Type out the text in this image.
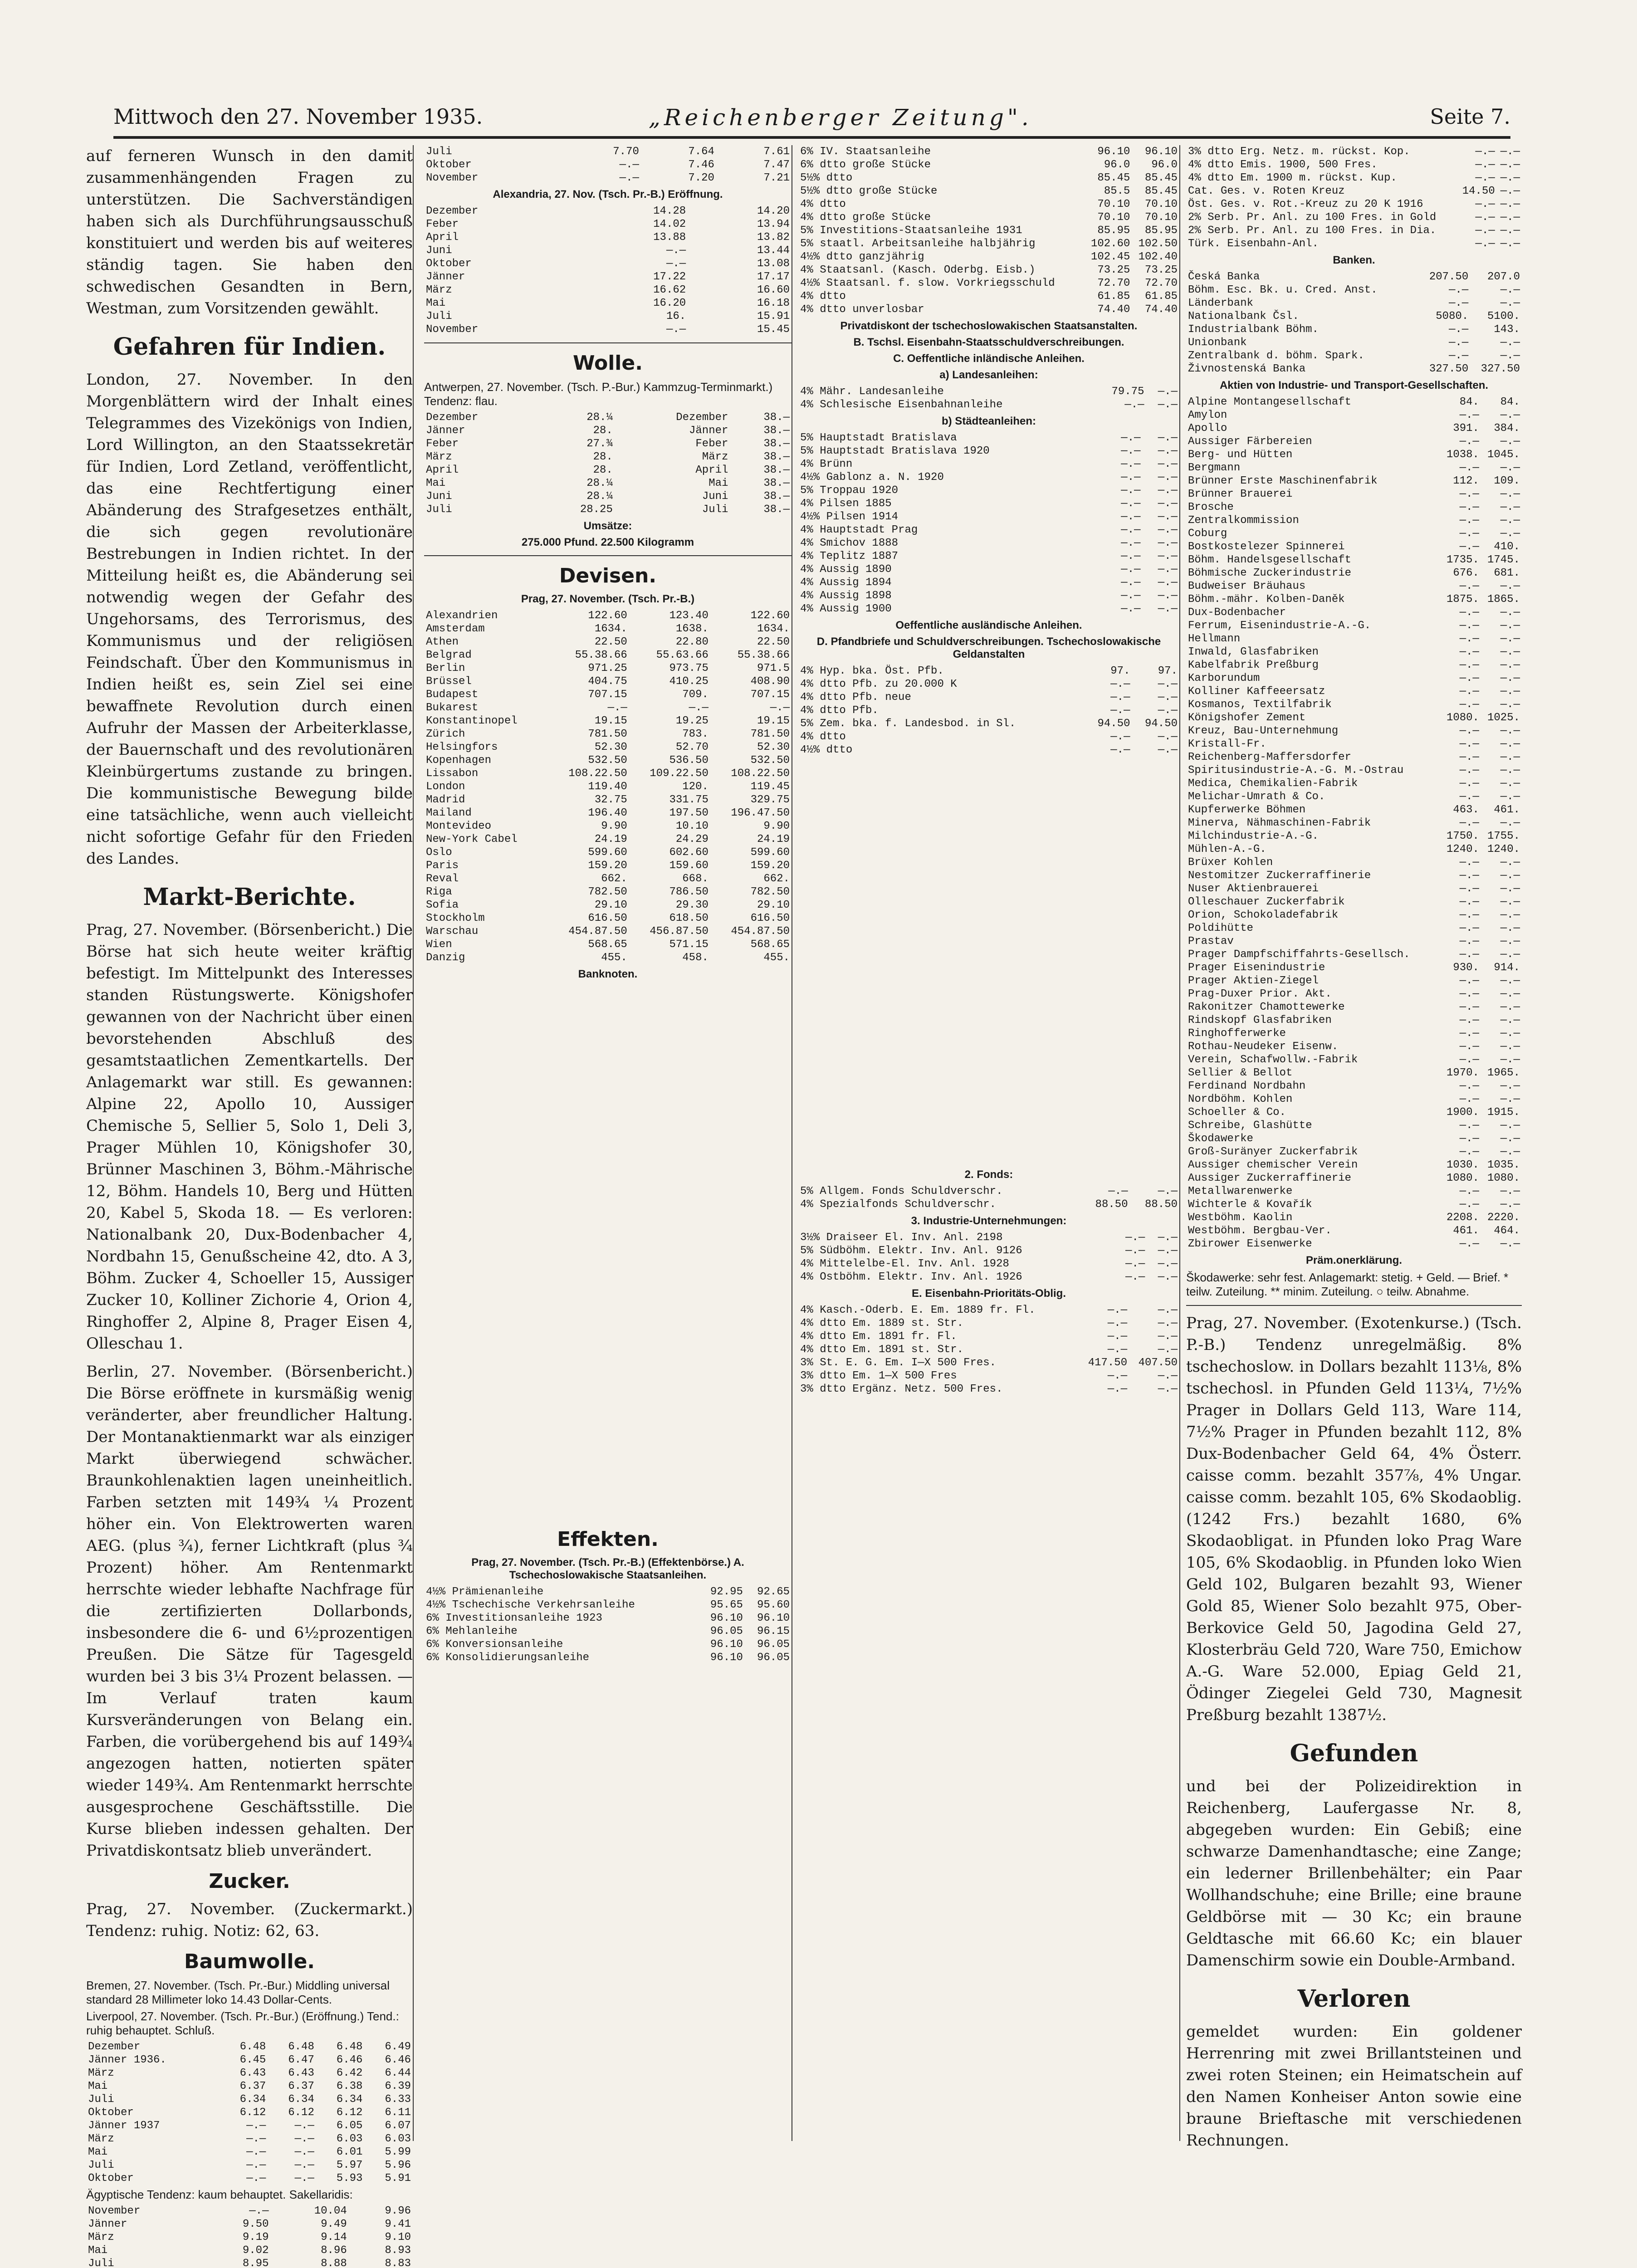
Mittwoch den 27. November 1935.	„Reichenberger Zeitung".	Seite 7.

auf ferneren Wunsch in den damit zusammenhängenden Fragen zu unterstützen. Die Sachverständigen haben sich als Durchführungsausschuß konstituiert und werden bis auf weiteres ständig tagen. Sie haben den schwedischen Gesandten in Bern, Westman, zum Vorsitzenden gewählt.

Gefahren für Indien.

London, 27. November. In den Morgenblättern wird der Inhalt eines Telegrammes des Vizekönigs von Indien, Lord Willington, an den Staatssekretär für Indien, Lord Zetland, veröffentlicht, das eine Rechtfertigung einer Abänderung des Strafgesetzes enthält, die sich gegen revolutionäre Bestrebungen in Indien richtet. In der Mitteilung heißt es, die Abänderung sei notwendig wegen der Gefahr des Ungehorsams, des Terrorismus, des Kommunismus und der religiösen Feindschaft. Über den Kommunismus in Indien heißt es, sein Ziel sei eine bewaffnete Revolution durch einen Aufruhr der Massen der Arbeiterklasse, der Bauernschaft und des revolutionären Kleinbürgertums zustande zu bringen. Die kommunistische Bewegung bilde eine tatsächliche, wenn auch vielleicht nicht sofortige Gefahr für den Frieden des Landes.

Markt-Berichte.

Prag, 27. November. (Börsenbericht.) Die Börse hat sich heute weiter kräftig befestigt. Im Mittelpunkt des Interesses standen Rüstungswerte. Königshofer gewannen von der Nachricht über einen bevorstehenden Abschluß des gesamtstaatlichen Zementkartells. Der Anlagemarkt war still. Es gewannen: Alpine 22, Apollo 10, Aussiger Chemische 5, Sellier 5, Solo 1, Deli 3, Prager Mühlen 10, Königshofer 30, Brünner Maschinen 3, Böhm.-Mährische 12, Böhm. Handels 10, Berg und Hütten 20, Kabel 5, Skoda 18. — Es verloren: Nationalbank 20, Dux-Bodenbacher 4, Nordbahn 15, Genußscheine 42, dto. A 3, Böhm. Zucker 4, Schoeller 15, Aussiger Zucker 10, Kolliner Zichorie 4, Orion 4, Ringhoffer 2, Alpine 8, Prager Eisen 4, Olleschau 1.

Berlin, 27. November. (Börsenbericht.) Die Börse eröffnete in kursmäßig wenig veränderter, aber freundlicher Haltung. Der Montanaktienmarkt war als einziger Markt überwiegend schwächer. Braunkohlenaktien lagen uneinheitlich. Farben setzten mit 149¾ ¼ Prozent höher ein. Von Elektrowerten waren AEG. (plus ¾), ferner Lichtkraft (plus ¾ Prozent) höher. Am Rentenmarkt herrschte wieder lebhafte Nachfrage für die zertifizierten Dollarbonds, insbesondere die 6- und 6½prozentigen Preußen. Die Sätze für Tagesgeld wurden bei 3 bis 3¼ Prozent belassen. — Im Verlauf traten kaum Kursveränderungen von Belang ein. Farben, die vorübergehend bis auf 149¾ angezogen hatten, notierten später wieder 149¾. Am Rentenmarkt herrschte ausgesprochene Geschäftsstille. Die Kurse blieben indessen gehalten. Der Privatdiskontsatz blieb unverändert.

Zucker.

Prag, 27. November. (Zuckermarkt.) Tendenz: ruhig. Notiz: 62, 63.

Baumwolle.
Bremen, 27. November. (Tsch. Pr.-Bur.) Middling universal standard 28 Millimeter loko 14.43 Dollar-Cents.
Liverpool, 27. November. (Tsch. Pr.-Bur.) (Eröffnung.) Tend.: ruhig behauptet. Schluß.
Dezember	6.48	6.48	6.48	6.49
Jänner 1936.	6.45	6.47	6.46	6.46
März	6.43	6.43	6.42	6.44
Mai	6.37	6.37	6.38	6.39
Juli	6.34	6.34	6.34	6.33
Oktober	6.12	6.12	6.12	6.11
Jänner 1937	—.—	—.—	6.05	6.07
März	—.—	—.—	6.03	6.03
Mai	—.—	—.—	6.01	5.99
Juli	—.—	—.—	5.97	5.96
Oktober	—.—	—.—	5.93	5.91
Ägyptische Tendenz: kaum behauptet. Sakellaridis:
November	—.—	10.04	9.96
Jänner	9.50	9.49	9.41
März	9.19	9.14	9.10
Mai	9.02	8.96	8.93
Juli	8.95	8.88	8.83

Juli	7.70	7.64	7.61
Oktober	—.—	7.46	7.47
November	—.—	7.20	7.21
Alexandria, 27. Nov. (Tsch. Pr.-B.) Eröffnung.
Dezember	14.28	14.20
Feber	14.02	13.94
April	13.88	13.82
Juni	—.—	13.44
Oktober	—.—	13.08
Jänner	17.22	17.17
März	16.62	16.60
Mai	16.20	16.18
Juli	16.	15.91
November	—.—	15.45
Wolle.
Antwerpen, 27. November. (Tsch. P.-Bur.) Kammzug-Terminmarkt.) Tendenz: flau.
Dezember	28.¼	Dezember	38.—
Jänner	28.	Jänner	38.—
Feber	27.¾	Feber	38.—
März	28.	März	38.—
April	28.	April	38.—
Mai	28.¼	Mai	38.—
Juni	28.¼	Juni	38.—
Juli	28.25	Juli	38.—
Umsätze:
275.000 Pfund. 22.500 Kilogramm
Devisen.
Prag, 27. November. (Tsch. Pr.-B.)
Alexandrien	122.60	123.40	122.60
Amsterdam	1634.	1638.	1634.
Athen	22.50	22.80	22.50
Belgrad	55.38.66	55.63.66	55.38.66
Berlin	971.25	973.75	971.5
Brüssel	404.75	410.25	408.90
Budapest	707.15	709.	707.15
Bukarest	—.—	—.—	—.—
Konstantinopel	19.15	19.25	19.15
Zürich	781.50	783.	781.50
Helsingfors	52.30	52.70	52.30
Kopenhagen	532.50	536.50	532.50
Lissabon	108.22.50	109.22.50	108.22.50
London	119.40	120.	119.45
Madrid	32.75	331.75	329.75
Mailand	196.40	197.50	196.47.50
Montevideo	9.90	10.10	9.90
New-York Cabel	24.19	24.29	24.19
Oslo	599.60	602.60	599.60
Paris	159.20	159.60	159.20
Reval	662.	668.	662.
Riga	782.50	786.50	782.50
Sofia	29.10	29.30	29.10
Stockholm	616.50	618.50	616.50
Warschau	454.87.50	456.87.50	454.87.50
Wien	568.65	571.15	568.65
Danzig	455.	458.	455.
Banknoten.
Effekten.
Prag, 27. November. (Tsch. Pr.-B.) (Effektenbörse.) A. Tschechoslowakische Staatsanleihen.
4½% Prämienanleihe	92.95	92.65
4½% Tschechische Verkehrsanleihe	95.65	95.60
6% Investitionsanleihe 1923	96.10	96.10
6% Mehlanleihe	96.05	96.15
6% Konversionsanleihe	96.10	96.05
6% Konsolidierungsanleihe	96.10	96.05
6% IV. Staatsanleihe	96.10	96.10
6% dtto große Stücke	96.0	96.0
5½% dtto	85.45	85.45
5½% dtto große Stücke	85.5	85.45
4% dtto	70.10	70.10
4% dtto große Stücke	70.10	70.10
5% Investitions-Staatsanleihe 1931	85.95	85.95
5% staatl. Arbeitsanleihe halbjährig	102.60	102.50
4½% dtto ganzjährig	102.45	102.40
4% Staatsanl. (Kasch. Oderbg. Eisb.)	73.25	73.25
4½% Staatsanl. f. slow. Vorkriegsschuld	72.70	72.70
4% dtto	61.85	61.85
4% dtto unverlosbar	74.40	74.40
Privatdiskont der tschechoslowakischen Staatsanstalten.
B. Tschsl. Eisenbahn-Staatsschuldverschreibungen.
C. Oeffentliche inländische Anleihen.
a) Landesanleihen:
4% Mähr. Landesanleihe	79.75	—.—
4% Schlesische Eisenbahnanleihe	—.—	—.—
b) Städteanleihen:
5% Hauptstadt Bratislava	—.—	—.—
5% Hauptstadt Bratislava 1920	—.—	—.—
4% Brünn	—.—	—.—
4½% Gablonz a. N. 1920	—.—	—.—
5% Troppau 1920	—.—	—.—
4% Pilsen 1885	—.—	—.—
4½% Pilsen 1914	—.—	—.—
4% Hauptstadt Prag	—.—	—.—
4% Smichov 1888	—.—	—.—
4% Teplitz 1887	—.—	—.—
4% Aussig 1890	—.—	—.—
4% Aussig 1894	—.—	—.—
4% Aussig 1898	—.—	—.—
4% Aussig 1900	—.—	—.—
Oeffentliche ausländische Anleihen.
D. Pfandbriefe und Schuldverschreibungen. Tschechoslowakische Geldanstalten
4% Hyp. bka. Öst. Pfb.	97.	97.
4% dtto Pfb. zu 20.000 K	—.—	—.—
4% dtto Pfb. neue	—.—	—.—
4% dtto Pfb.	—.—	—.—
5% Zem. bka. f. Landesbod. in Sl.	94.50	94.50
4% dtto	—.—	—.—
4½% dtto	—.—	—.—
2. Fonds:
5% Allgem. Fonds Schuldverschr.	—.—	—.—
4% Spezialfonds Schuldverschr.	88.50	88.50
3. Industrie-Unternehmungen:
3½% Draiseer El. Inv. Anl. 2198	—.—	—.—
5% Südböhm. Elektr. Inv. Anl. 9126	—.—	—.—
4% Mittelelbe-El. Inv. Anl. 1928	—.—	—.—
4% Ostböhm. Elektr. Inv. Anl. 1926	—.—	—.—
E. Eisenbahn-Prioritäts-Oblig.
4% Kasch.-Oderb. E. Em. 1889 fr. Fl.	—.—	—.—
4% dtto Em. 1889 st. Str.	—.—	—.—
4% dtto Em. 1891 fr. Fl.	—.—	—.—
4% dtto Em. 1891 st. Str.	—.—	—.—
3% St. E. G. Em. I—X 500 Fres.	417.50	407.50
3% dtto Em. 1—X 500 Fres	—.—	—.—
3% dtto Ergänz. Netz. 500 Fres.	—.—	—.—
3% dtto Erg. Netz. m. rückst. Kop.	—.—	—.—
4% dtto Emis. 1900, 500 Fres.	—.—	—.—
4% dtto Em. 1900 m. rückst. Kup.	—.—	—.—
Cat. Ges. v. Roten Kreuz	14.50	—.—
Öst. Ges. v. Rot.-Kreuz zu 20 K 1916	—.—	—.—
2% Serb. Pr. Anl. zu 100 Fres. in Gold	—.—	—.—
2% Serb. Pr. Anl. zu 100 Fres. in Dia.	—.—	—.—
Türk. Eisenbahn-Anl.	—.—	—.—
Banken.
Česká Banka	207.50	207.0
Böhm. Esc. Bk. u. Cred. Anst.	—.—	—.—
Länderbank	—.—	—.—
Nationalbank Čsl.	5080.	5100.
Industrialbank Böhm.	—.—	143.
Unionbank	—.—	—.—
Zentralbank d. böhm. Spark.	—.—	—.—
Živnostenská Banka	327.50	327.50
Aktien von Industrie- und Transport-Gesellschaften.
Alpine Montangesellschaft	84.	84.
Amylon	—.—	—.—
Apollo	391.	384.
Aussiger Färbereien	—.—	—.—
Berg- und Hütten	1038.	1045.
Bergmann	—.—	—.—
Brünner Erste Maschinenfabrik	112.	109.
Brünner Brauerei	—.—	—.—
Brosche	—.—	—.—
Zentralkommission	—.—	—.—
Coburg	—.—	—.—
Bostkostelezer Spinnerei	—.—	410.
Böhm. Handelsgesellschaft	1735.	1745.
Böhmische Zuckerindustrie	676.	681.
Budweiser Bräuhaus	—.—	—.—
Böhm.-mähr. Kolben-Daněk	1875.	1865.
Dux-Bodenbacher	—.—	—.—
Ferrum, Eisenindustrie-A.-G.	—.—	—.—
Hellmann	—.—	—.—
Inwald, Glasfabriken	—.—	—.—
Kabelfabrik Preßburg	—.—	—.—
Karborundum	—.—	—.—
Kolliner Kaffeeersatz	—.—	—.—
Kosmanos, Textilfabrik	—.—	—.—
Königshofer Zement	1080.	1025.
Kreuz, Bau-Unternehmung	—.—	—.—
Kristall-Fr.	—.—	—.—
Reichenberg-Maffersdorfer	—.—	—.—
Spiritusindustrie-A.-G. M.-Ostrau	—.—	—.—
Medica, Chemikalien-Fabrik	—.—	—.—
Melichar-Umrath & Co.	—.—	—.—
Kupferwerke Böhmen	463.	461.
Minerva, Nähmaschinen-Fabrik	—.—	—.—
Milchindustrie-A.-G.	1750.	1755.
Mühlen-A.-G.	1240.	1240.
Brüxer Kohlen	—.—	—.—
Nestomitzer Zuckerraffinerie	—.—	—.—
Nuser Aktienbrauerei	—.—	—.—
Olleschauer Zuckerfabrik	—.—	—.—
Orion, Schokoladefabrik	—.—	—.—
Poldihütte	—.—	—.—
Prastav	—.—	—.—
Prager Dampfschiffahrts-Gesellsch.	—.—	—.—
Prager Eisenindustrie	930.	914.
Prager Aktien-Ziegel	—.—	—.—
Prag-Duxer Prior. Akt.	—.—	—.—
Rakonitzer Chamottewerke	—.—	—.—
Rindskopf Glasfabriken	—.—	—.—
Ringhofferwerke	—.—	—.—
Rothau-Neudeker Eisenw.	—.—	—.—
Verein, Schafwollw.-Fabrik	—.—	—.—
Sellier & Bellot	1970.	1965.
Ferdinand Nordbahn	—.—	—.—
Nordböhm. Kohlen	—.—	—.—
Schoeller & Co.	1900.	1915.
Schreibe, Glashütte	—.—	—.—
Škodawerke	—.—	—.—
Groß-Suränyer Zuckerfabrik	—.—	—.—
Aussiger chemischer Verein	1030.	1035.
Aussiger Zuckerraffinerie	1080.	1080.
Metallwarenwerke	—.—	—.—
Wichterle & Kovařík	—.—	—.—
Westböhm. Kaolin	2208.	2220.
Westböhm. Bergbau-Ver.	461.	464.
Zbirower Eisenwerke	—.—	—.—
Präm.onerklärung.
Škodawerke: sehr fest. Anlagemarkt: stetig. + Geld. — Brief. * teilw. Zuteilung. ** minim. Zuteilung. ○ teilw. Abnahme.

Prag, 27. November. (Exotenkurse.) (Tsch. P.-B.) Tendenz unregelmäßig. 8% tschechoslow. in Dollars bezahlt 113⅛, 8% tschechosl. in Pfunden Geld 113¼, 7½% Prager in Dollars Geld 113, Ware 114, 7½% Prager in Pfunden bezahlt 112, 8% Dux-Bodenbacher Geld 64, 4% Österr. caisse comm. bezahlt 357⅞, 4% Ungar. caisse comm. bezahlt 105, 6% Skodaoblig. (1242 Frs.) bezahlt 1680, 6% Skodaobligat. in Pfunden loko Prag Ware 105, 6% Skodaoblig. in Pfunden loko Wien Geld 102, Bulgaren bezahlt 93, Wiener Gold 85, Wiener Solo bezahlt 975, Ober-Berkovice Geld 50, Jagodina Geld 27, Klosterbräu Geld 720, Ware 750, Emichow A.-G. Ware 52.000, Epiag Geld 21, Ödinger Ziegelei Geld 730, Magnesit Preßburg bezahlt 1387½.

Gefunden

und bei der Polizeidirektion in Reichenberg, Laufergasse Nr. 8, abgegeben wurden: Ein Gebiß; eine schwarze Damenhandtasche; eine Zange; ein lederner Brillenbehälter; ein Paar Wollhandschuhe; eine Brille; eine braune Geldbörse mit — 30 Kc; ein braune Geldtasche mit 66.60 Kc; ein blauer Damenschirm sowie ein Double-Armband.

Verloren

gemeldet wurden: Ein goldener Herrenring mit zwei Brillantsteinen und zwei roten Steinen; ein Heimatschein auf den Namen Konheiser Anton sowie eine braune Brieftasche mit verschiedenen Rechnungen.
